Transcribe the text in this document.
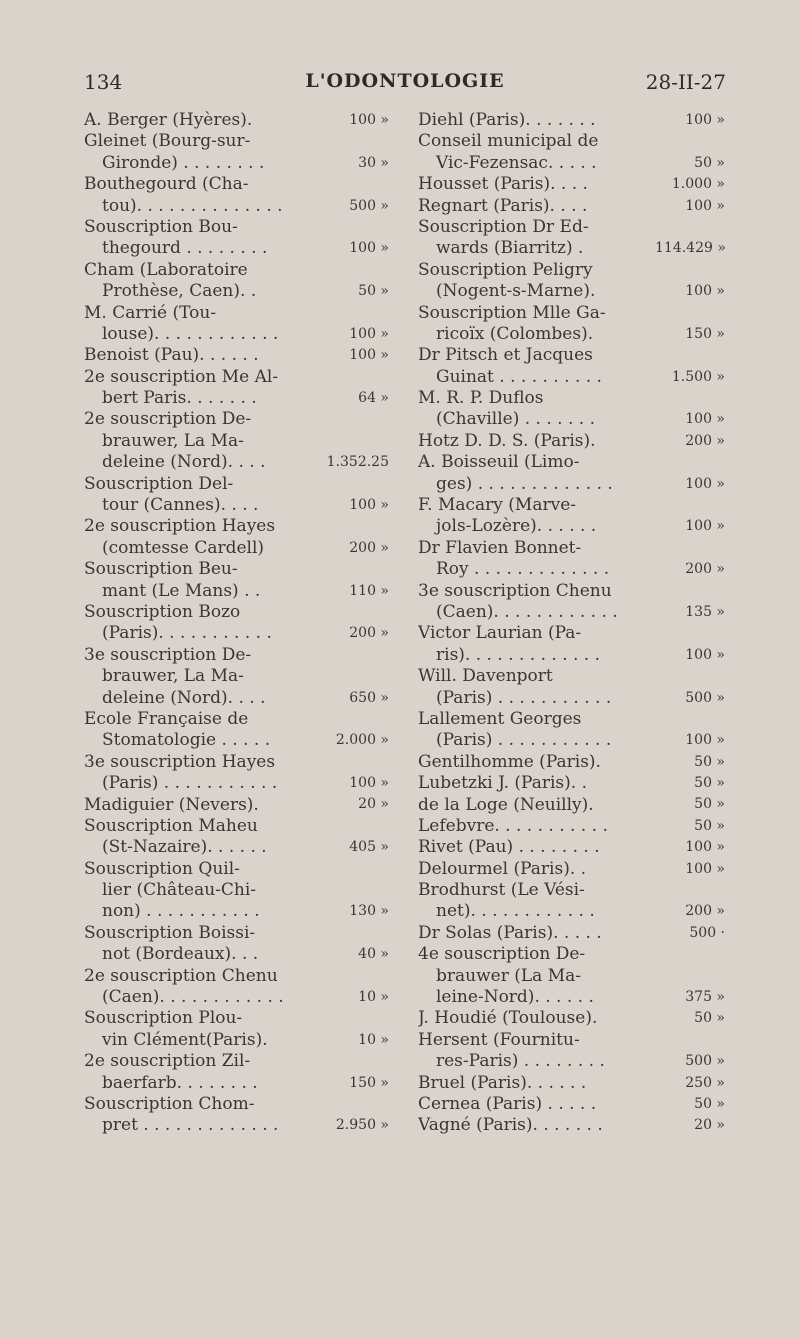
134	L'ODONTOLOGIE	28-II-27
A. Berger (Hyères).	100 »
Gleinet (Bourg-sur-
Gironde) . . . . . . . .	30 »
Bouthegourd (Cha-
tou). . . . . . . . . . . . . .	500 »
Souscription Bou-
thegourd . . . . . . . .	100 »
Cham (Laboratoire
Prothèse, Caen). .	50 »
M. Carrié (Tou-
louse). . . . . . . . . . . .	100 »
Benoist (Pau). . . . . .	100 »
2e souscription Me Al-
bert Paris. . . . . . .	64 »
2e souscription De-
brauwer, La Ma-
deleine (Nord). . . .	1.352.25
Souscription Del-
tour (Cannes). . . .	100 »
2e souscription Hayes
(comtesse Cardell)	200 »
Souscription Beu-
mant (Le Mans) . .	110 »
Souscription Bozo
(Paris). . . . . . . . . . .	200 »
3e souscription De-
brauwer, La Ma-
deleine (Nord). . . .	650 »
Ecole Française de
Stomatologie . . . . .	2.000 »
3e souscription Hayes
(Paris) . . . . . . . . . . .	100 »
Madiguier (Nevers).	20 »
Souscription Maheu
(St-Nazaire). . . . . .	405 »
Souscription Quil-
lier (Château-Chi-
non) . . . . . . . . . . .	130 »
Souscription Boissi-
not (Bordeaux). . .	40 »
2e souscription Chenu
(Caen). . . . . . . . . . . .	10 »
Souscription Plou-
vin Clément(Paris).	10 »
2e souscription Zil-
baerfarb. . . . . . . .	150 »
Souscription Chom-
pret . . . . . . . . . . . . .	2.950 »
Diehl (Paris). . . . . . .	100 »
Conseil municipal de
Vic-Fezensac. . . . .	50 »
Housset (Paris). . . .	1.000 »
Regnart (Paris). . . .	100 »
Souscription Dr Ed-
wards (Biarritz) .	114.429 »
Souscription Peligry
(Nogent-s-Marne).	100 »
Souscription Mlle Ga-
ricoïx (Colombes).	150 »
Dr Pitsch et Jacques
Guinat . . . . . . . . . .	1.500 »
M. R. P. Duflos
(Chaville) . . . . . . .	100 »
Hotz D. D. S. (Paris).	200 »
A. Boisseuil (Limo-
ges) . . . . . . . . . . . . .	100 »
F. Macary (Marve-
jols-Lozère). . . . . .	100 »
Dr Flavien Bonnet-
Roy . . . . . . . . . . . . .	200 »
3e souscription Chenu
(Caen). . . . . . . . . . . .	135 »
Victor Laurian (Pa-
ris). . . . . . . . . . . . .	100 »
Will. Davenport
(Paris) . . . . . . . . . . .	500 »
Lallement Georges
(Paris) . . . . . . . . . . .	100 »
Gentilhomme (Paris).	50 »
Lubetzki J. (Paris). .	50 »
de la Loge (Neuilly).	50 »
Lefebvre. . . . . . . . . . .	50 »
Rivet (Pau) . . . . . . . .	100 »
Delourmel (Paris). .	100 »
Brodhurst (Le Vési-
net). . . . . . . . . . . .	200 »
Dr Solas (Paris). . . . .	500 ·
4e souscription De-
brauwer (La Ma-
leine-Nord). . . . . .	375 »
J. Houdié (Toulouse).	50 »
Hersent (Fournitu-
res-Paris) . . . . . . . .	500 »
Bruel (Paris). . . . . .	250 »
Cernea (Paris) . . . . .	50 »
Vagné (Paris). . . . . . .	20 »
